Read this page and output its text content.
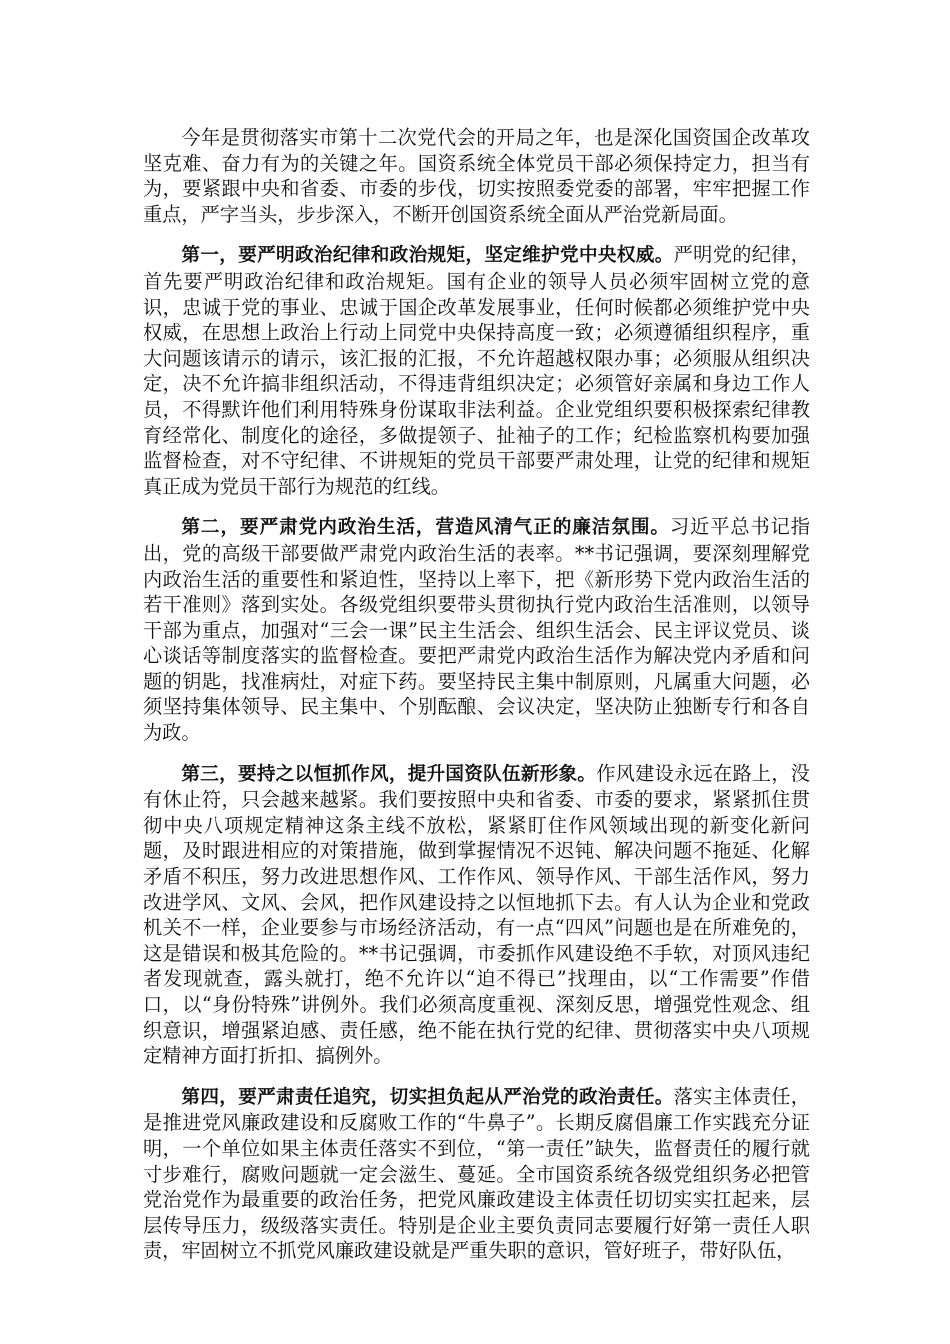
今年是贯彻落实市第十二次党代会的开局之年，也是深化国资国企改革攻坚克难、奋力有为的关键之年。国资系统全体党员干部必须保持定力，担当有为，要紧跟中央和省委、市委的步伐，切实按照委党委的部署，牢牢把握工作重点，严字当头，步步深入，不断开创国资系统全面从严治党新局面。

第一，要严明政治纪律和政治规矩，坚定维护党中央权威。严明党的纪律，首先要严明政治纪律和政治规矩。国有企业的领导人员必须牢固树立党的意识，忠诚于党的事业、忠诚于国企改革发展事业，任何时候都必须维护党中央权威，在思想上政治上行动上同党中央保持高度一致；必须遵循组织程序，重大问题该请示的请示，该汇报的汇报，不允许超越权限办事；必须服从组织决定，决不允许搞非组织活动，不得违背组织决定；必须管好亲属和身边工作人员，不得默许他们利用特殊身份谋取非法利益。企业党组织要积极探索纪律教育经常化、制度化的途径，多做提领子、扯袖子的工作；纪检监察机构要加强监督检查，对不守纪律、不讲规矩的党员干部要严肃处理，让党的纪律和规矩真正成为党员干部行为规范的红线。

第二，要严肃党内政治生活，营造风清气正的廉洁氛围。习近平总书记指出，党的高级干部要做严肃党内政治生活的表率。**书记强调，要深刻理解党内政治生活的重要性和紧迫性，坚持以上率下，把《新形势下党内政治生活的若干准则》落到实处。各级党组织要带头贯彻执行党内政治生活准则，以领导干部为重点，加强对“三会一课”民主生活会、组织生活会、民主评议党员、谈心谈话等制度落实的监督检查。要把严肃党内政治生活作为解决党内矛盾和问题的钥匙，找准病灶，对症下药。要坚持民主集中制原则，凡属重大问题，必须坚持集体领导、民主集中、个别酝酿、会议决定，坚决防止独断专行和各自为政。

第三，要持之以恒抓作风，提升国资队伍新形象。作风建设永远在路上，没有休止符，只会越来越紧。我们要按照中央和省委、市委的要求，紧紧抓住贯彻中央八项规定精神这条主线不放松，紧紧盯住作风领域出现的新变化新问题，及时跟进相应的对策措施，做到掌握情况不迟钝、解决问题不拖延、化解矛盾不积压，努力改进思想作风、工作作风、领导作风、干部生活作风，努力改进学风、文风、会风，把作风建设持之以恒地抓下去。有人认为企业和党政机关不一样，企业要参与市场经济活动，有一点“四风”问题也是在所难免的，这是错误和极其危险的。**书记强调，市委抓作风建设绝不手软，对顶风违纪者发现就查，露头就打，绝不允许以“迫不得已”找理由，以“工作需要”作借口，以“身份特殊”讲例外。我们必须高度重视、深刻反思，增强党性观念、组织意识，增强紧迫感、责任感，绝不能在执行党的纪律、贯彻落实中央八项规定精神方面打折扣、搞例外。

第四，要严肃责任追究，切实担负起从严治党的政治责任。落实主体责任，是推进党风廉政建设和反腐败工作的“牛鼻子”。长期反腐倡廉工作实践充分证明，一个单位如果主体责任落实不到位，“第一责任”缺失，监督责任的履行就寸步难行，腐败问题就一定会滋生、蔓延。全市国资系统各级党组织务必把管党治党作为最重要的政治任务，把党风廉政建设主体责任切切实实扛起来，层层传导压力，级级落实责任。特别是企业主要负责同志要履行好第一责任人职责，牢固树立不抓党风廉政建设就是严重失职的意识，管好班子，带好队伍，
